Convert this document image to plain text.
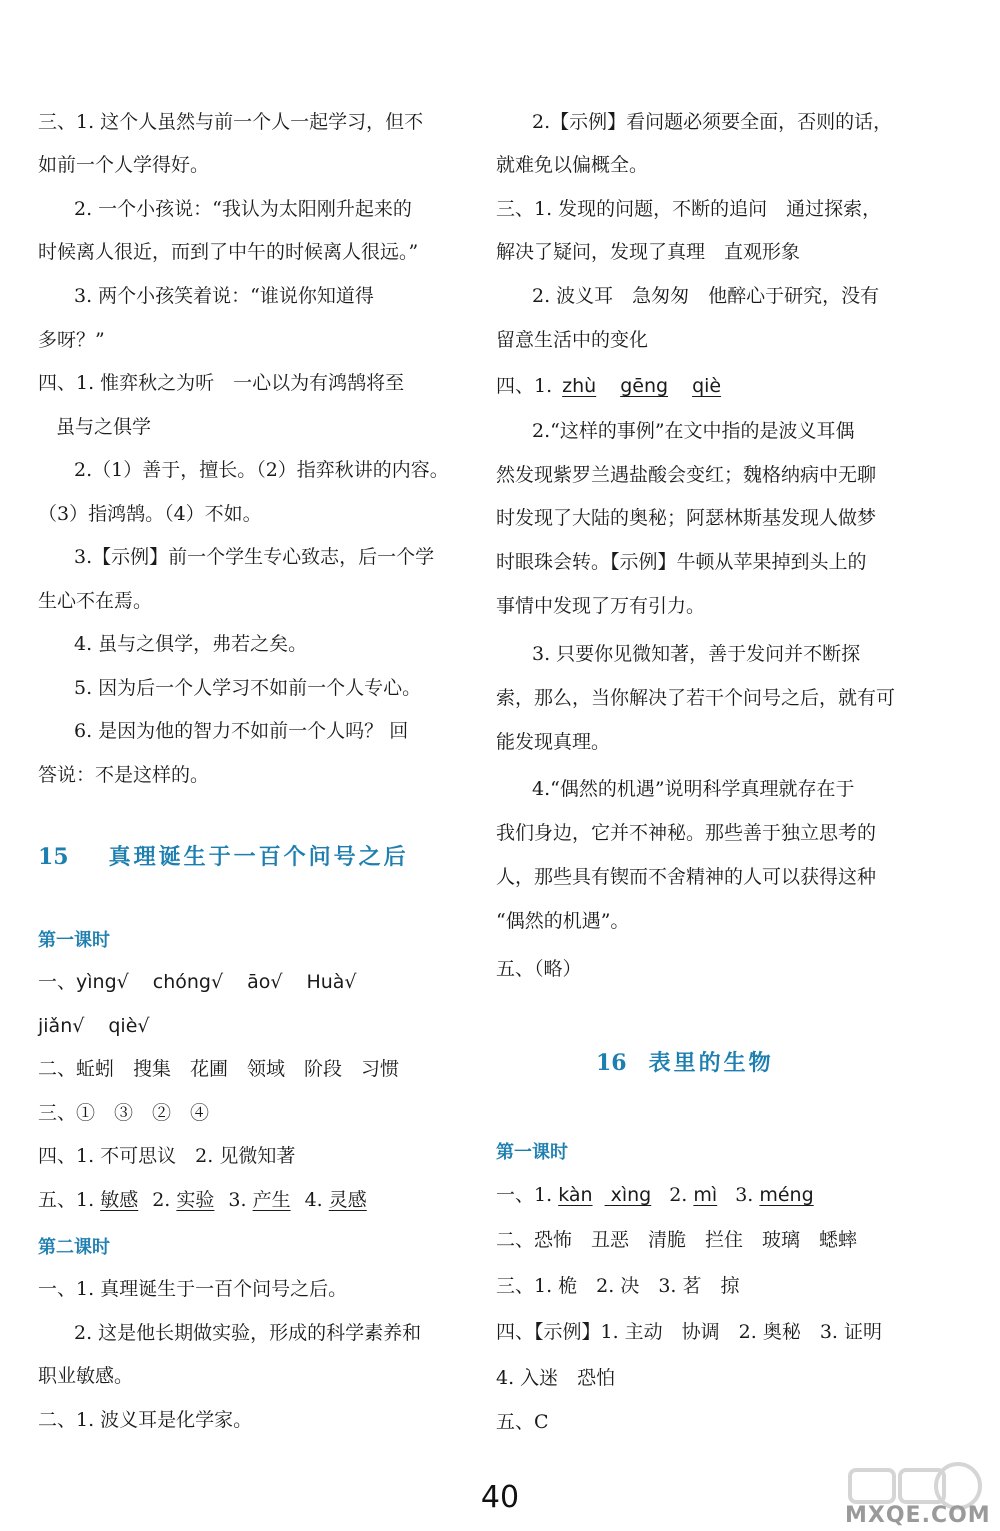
三、1. 这个人虽然与前一个人一起学习，但不
如前一个人学得好。
2. 一个小孩说：“我认为太阳刚升起来的
时候离人很近，而到了中午的时候离人很远。”
3. 两个小孩笑着说：“谁说你知道得
多呀？”
四、1. 惟弈秋之为听　一心以为有鸿鹄将至
虽与之俱学
2.（1）善于，擅长。（2）指弈秋讲的内容。
（3）指鸿鹄。（4）不如。
3.【示例】前一个学生专心致志，后一个学
生心不在焉。
4. 虽与之俱学，弗若之矣。
5. 因为后一个人学习不如前一个人专心。
6. 是因为他的智力不如前一个人吗？ 回
答说：不是这样的。
15 真理诞生于一百个问号之后
第一课时
一、yìng√ chóng√ āo√ Huà√
jiǎn√ qiè√
二、蚯蚓　搜集　花圃　领域　阶段　习惯
三、①　③　②　④
四、1. 不可思议　2. 见微知著
五、1. 敏感 2. 实验 3. 产生 4. 灵感
第二课时
一、1. 真理诞生于一百个问号之后。
2. 这是他长期做实验，形成的科学素养和
职业敏感。
二、1. 波义耳是化学家。
2.【示例】看问题必须要全面，否则的话，
就难免以偏概全。
三、1. 发现的问题，不断的追问　通过探索，
解决了疑问，发现了真理　直观形象
2. 波义耳　急匆匆　他醉心于研究，没有
留意生活中的变化
四、1. zhù gēng qiè
2.“这样的事例”在文中指的是波义耳偶
然发现紫罗兰遇盐酸会变红；魏格纳病中无聊
时发现了大陆的奥秘；阿瑟林斯基发现人做梦
时眼珠会转。【示例】牛顿从苹果掉到头上的
事情中发现了万有引力。
3. 只要你见微知著，善于发问并不断探
索，那么，当你解决了若干个问号之后，就有可
能发现真理。
4.“偶然的机遇”说明科学真理就存在于
我们身边，它并不神秘。那些善于独立思考的
人，那些具有锲而不舍精神的人可以获得这种
“偶然的机遇”。
五、（略）
16 表里的生物
第一课时
一、1. kàn xìng 2. mì 3. méng
二、恐怖　丑恶　清脆　拦住　玻璃　蟋蟀
三、1. 桅　2. 决　3. 茗　掠
四、【示例】1. 主动　协调　2. 奥秘　3. 证明
4. 入迷　恐怕
五、C
40
MXQE.COM
